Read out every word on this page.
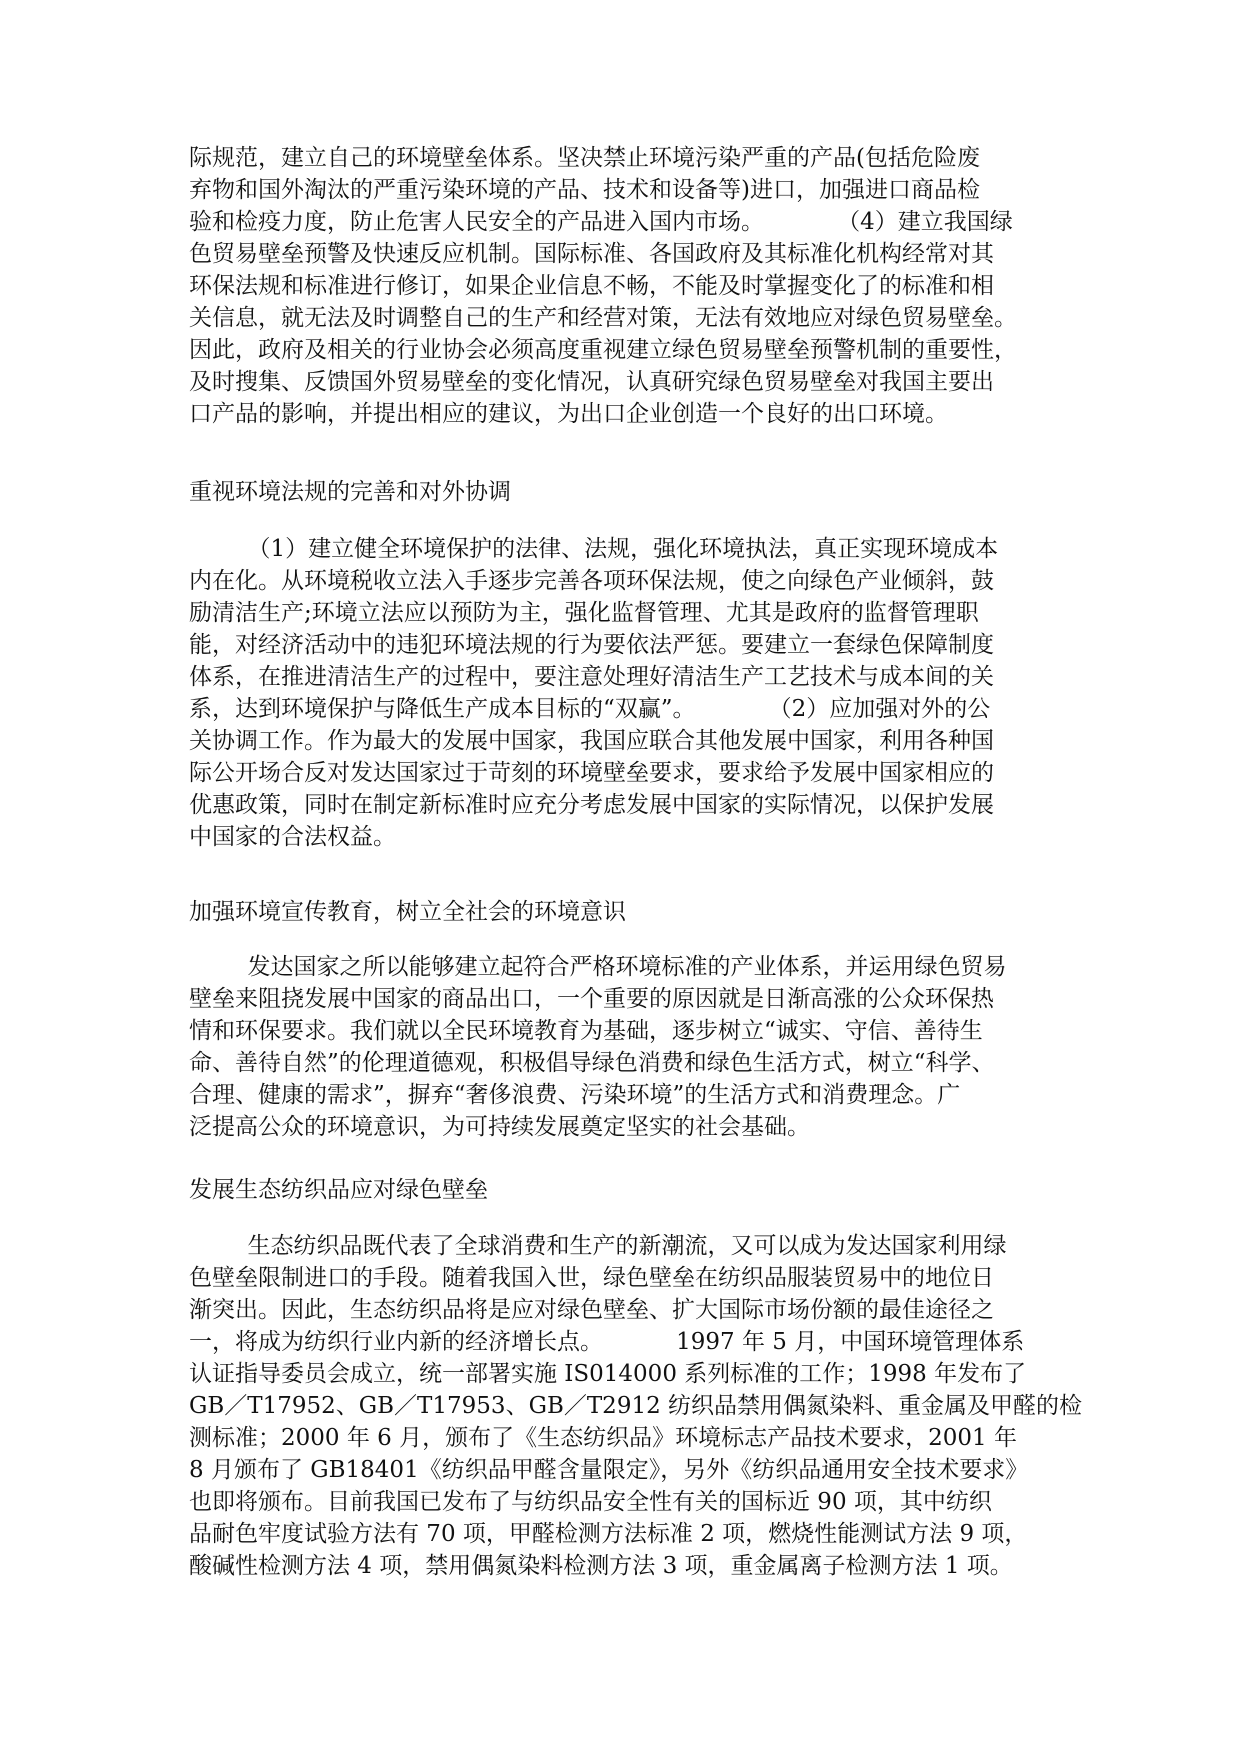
际规范，建立自己的环境壁垒体系。坚决禁止环境污染严重的产品(包括危险废
弃物和国外淘汰的严重污染环境的产品、技术和设备等)进口，加强进口商品检
验和检疫力度，防止危害人民安全的产品进入国内市场。          （4）建立我国绿
色贸易壁垒预警及快速反应机制。国际标准、各国政府及其标准化机构经常对其
环保法规和标准进行修订，如果企业信息不畅，不能及时掌握变化了的标准和相
关信息，就无法及时调整自己的生产和经营对策，无法有效地应对绿色贸易壁垒。
因此，政府及相关的行业协会必须高度重视建立绿色贸易壁垒预警机制的重要性，
及时搜集、反馈国外贸易壁垒的变化情况，认真研究绿色贸易壁垒对我国主要出
口产品的影响，并提出相应的建议，为出口企业创造一个良好的出口环境。
重视环境法规的完善和对外协调
（1）建立健全环境保护的法律、法规，强化环境执法，真正实现环境成本
内在化。从环境税收立法入手逐步完善各项环保法规，使之向绿色产业倾斜，鼓
励清洁生产;环境立法应以预防为主，强化监督管理、尤其是政府的监督管理职
能，对经济活动中的违犯环境法规的行为要依法严惩。要建立一套绿色保障制度
体系，在推进清洁生产的过程中，要注意处理好清洁生产工艺技术与成本间的关
系，达到环境保护与降低生产成本目标的“双赢”。          （2）应加强对外的公
关协调工作。作为最大的发展中国家，我国应联合其他发展中国家，利用各种国
际公开场合反对发达国家过于苛刻的环境壁垒要求，要求给予发展中国家相应的
优惠政策，同时在制定新标准时应充分考虑发展中国家的实际情况，以保护发展
中国家的合法权益。
加强环境宣传教育，树立全社会的环境意识
发达国家之所以能够建立起符合严格环境标准的产业体系，并运用绿色贸易
壁垒来阻挠发展中国家的商品出口，一个重要的原因就是日渐高涨的公众环保热
情和环保要求。我们就以全民环境教育为基础，逐步树立“诚实、守信、善待生
命、善待自然”的伦理道德观，积极倡导绿色消费和绿色生活方式，树立“科学、
合理、健康的需求”，摒弃“奢侈浪费、污染环境”的生活方式和消费理念。广
泛提高公众的环境意识，为可持续发展奠定坚实的社会基础。
发展生态纺织品应对绿色壁垒
生态纺织品既代表了全球消费和生产的新潮流，又可以成为发达国家利用绿
色壁垒限制进口的手段。随着我国入世，绿色壁垒在纺织品服装贸易中的地位日
渐突出。因此，生态纺织品将是应对绿色壁垒、扩大国际市场份额的最佳途径之
一，将成为纺织行业内新的经济增长点。          1997 年 5 月，中国环境管理体系
认证指导委员会成立，统一部署实施 IS014000 系列标准的工作；1998 年发布了
GB／T17952、GB／T17953、GB／T2912 纺织品禁用偶氮染料、重金属及甲醛的检
测标准；2000 年 6 月，颁布了《生态纺织品》环境标志产品技术要求，2001 年
8 月颁布了 GB18401《纺织品甲醛含量限定》，另外《纺织品通用安全技术要求》
也即将颁布。目前我国已发布了与纺织品安全性有关的国标近 90 项，其中纺织
品耐色牢度试验方法有 70 项，甲醛检测方法标准 2 项，燃烧性能测试方法 9 项，
酸碱性检测方法 4 项，禁用偶氮染料检测方法 3 项，重金属离子检测方法 1 项。
